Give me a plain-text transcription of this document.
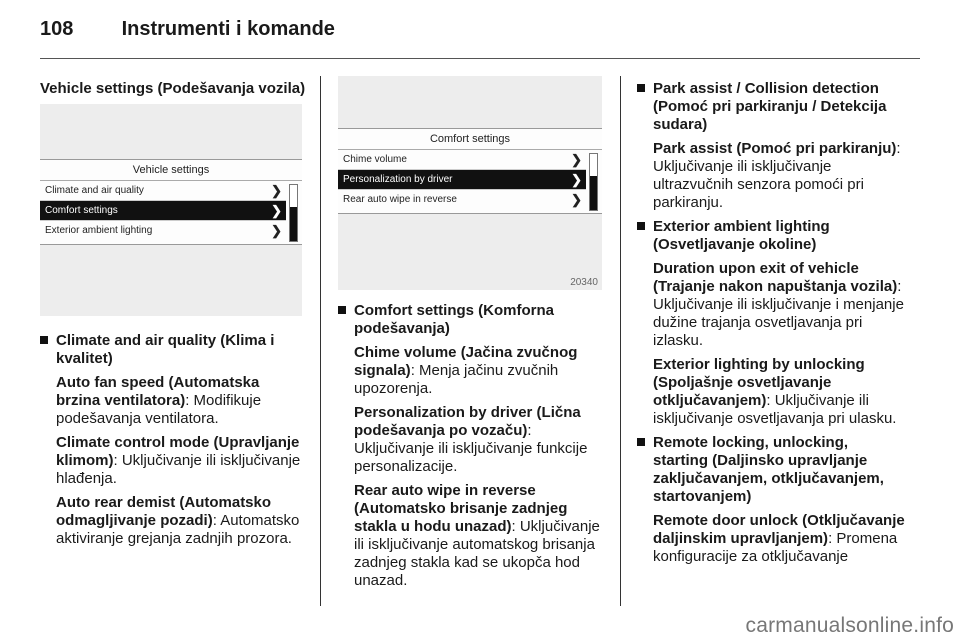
108 Instrumenti i komande
Vehicle settings (Podešavanja vozila)
Vehicle settings
Climate and air quality	❯
Comfort settings	❯
Exterior ambient lighting	❯
Climate and air quality (Klima i kvalitet)

Auto fan speed (Automatska brzina ventilatora): Modifikuje podešavanja ventilatora.

Climate control mode (Upravljanje klimom): Uključivanje ili isključivanje hlađenja.

Auto rear demist (Automatsko odmagljivanje pozadi): Automatsko aktiviranje grejanja zadnjih prozora.

Comfort settings
Chime volume	❯
Personalization by driver	❯
Rear auto wipe in reverse	❯
20340
Comfort settings (Komforna podešavanja)

Chime volume (Jačina zvučnog signala): Menja jačinu zvučnih upozorenja.

Personalization by driver (Lična podešavanja po vozaču): Uključivanje ili isključivanje funkcije personalizacije.

Rear auto wipe in reverse (Automatsko brisanje zadnjeg stakla u hodu unazad): Uključivanje ili isključivanje automatskog brisanja zadnjeg stakla kad se ukopča hod unazad.

Park assist / Collision detection (Pomoć pri parkiranju / Detekcija sudara)

Park assist (Pomoć pri parkiranju): Uključivanje ili isključivanje ultrazvučnih senzora pomoći pri parkiranju.

Exterior ambient lighting (Osvetljavanje okoline)

Duration upon exit of vehicle (Trajanje nakon napuštanja vozila): Uključivanje ili isključivanje i menjanje dužine trajanja osvetljavanja pri izlasku.

Exterior lighting by unlocking (Spoljašnje osvetljavanje otključavanjem): Uključivanje ili isključivanje osvetljavanja pri ulasku.

Remote locking, unlocking, starting (Daljinsko upravljanje zaključavanjem, otključavanjem, startovanjem)

Remote door unlock (Otključavanje daljinskim upravljanjem): Promena konfiguracije za otključavanje

carmanualsonline.info
